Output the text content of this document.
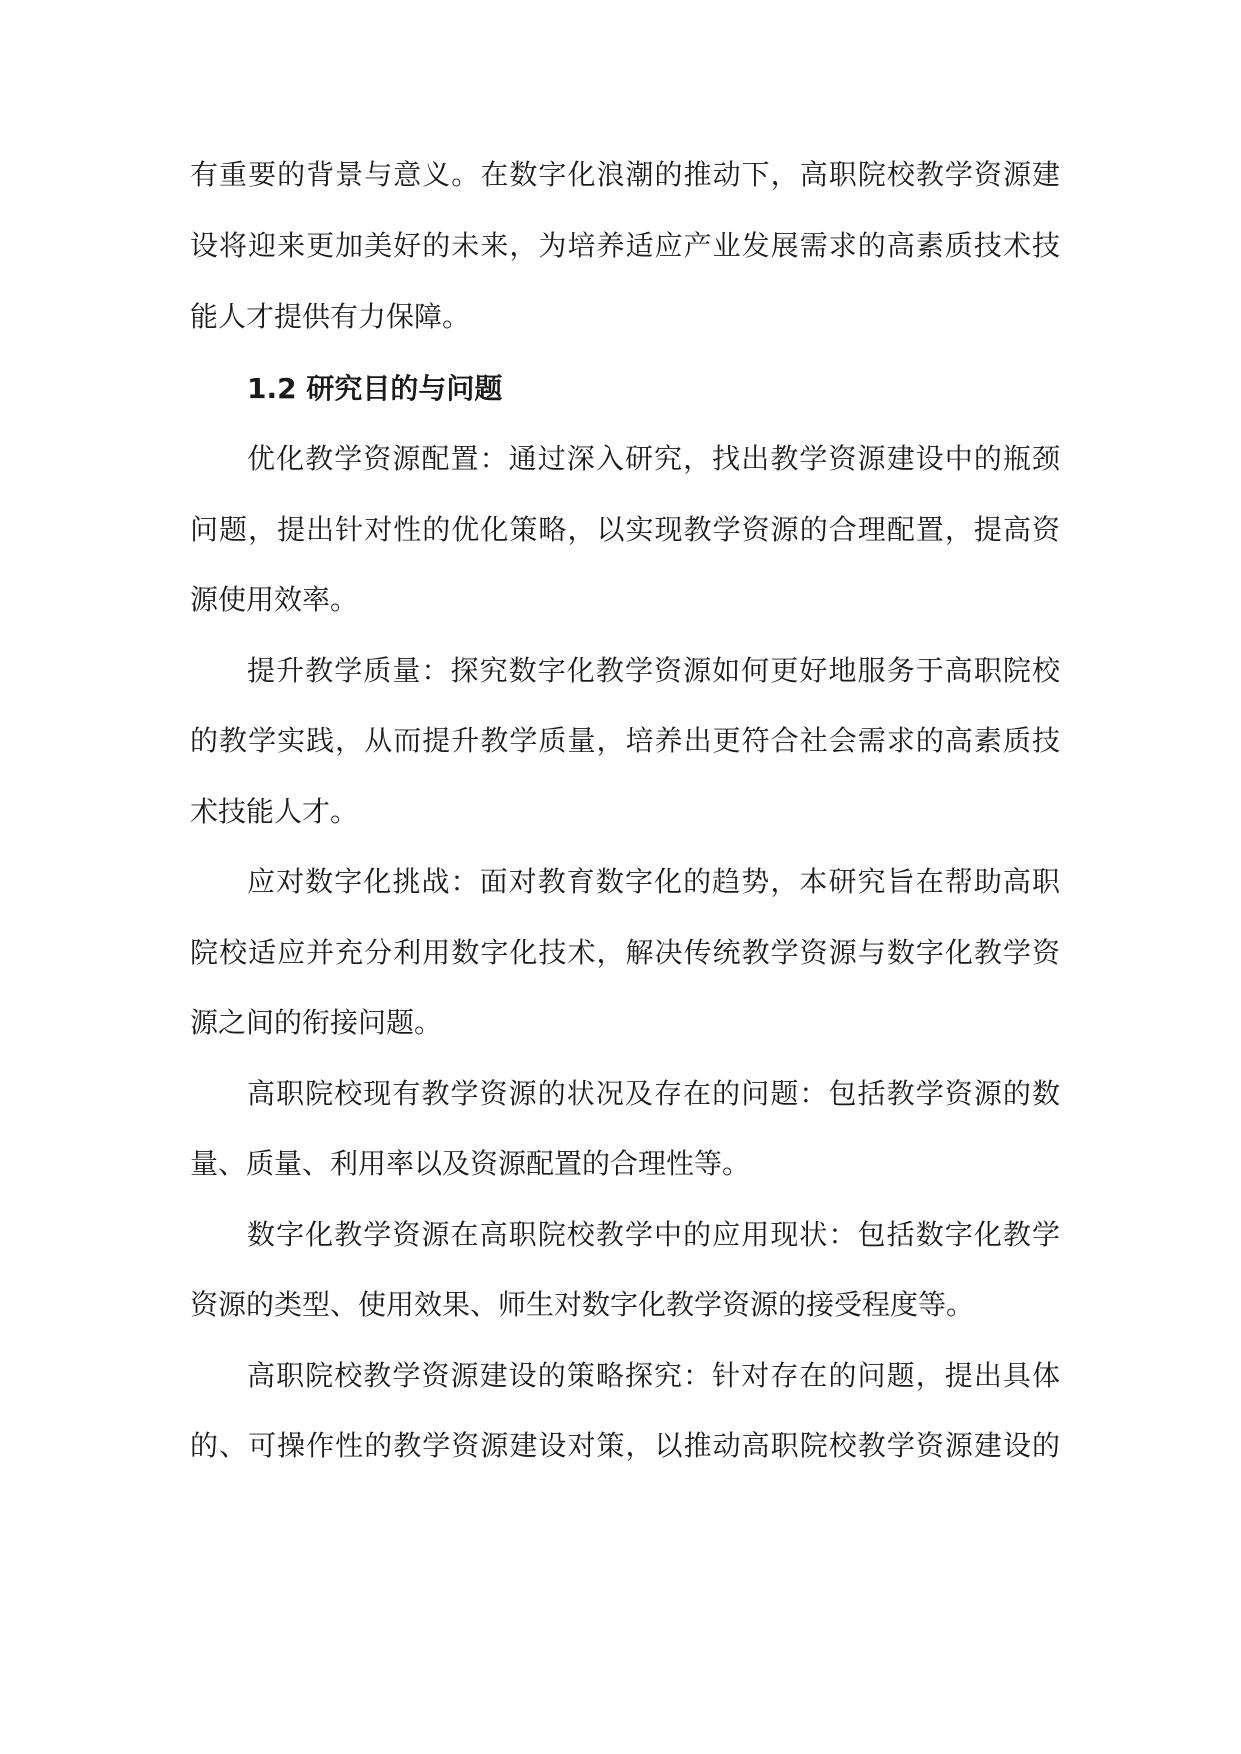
有重要的背景与意义。在数字化浪潮的推动下，高职院校教学资源建
设将迎来更加美好的未来，为培养适应产业发展需求的高素质技术技
能人才提供有力保障。
1.2 研究目的与问题
优化教学资源配置：通过深入研究，找出教学资源建设中的瓶颈
问题，提出针对性的优化策略，以实现教学资源的合理配置，提高资
源使用效率。
提升教学质量：探究数字化教学资源如何更好地服务于高职院校
的教学实践，从而提升教学质量，培养出更符合社会需求的高素质技
术技能人才。
应对数字化挑战：面对教育数字化的趋势，本研究旨在帮助高职
院校适应并充分利用数字化技术，解决传统教学资源与数字化教学资
源之间的衔接问题。
高职院校现有教学资源的状况及存在的问题：包括教学资源的数
量、质量、利用率以及资源配置的合理性等。
数字化教学资源在高职院校教学中的应用现状：包括数字化教学
资源的类型、使用效果、师生对数字化教学资源的接受程度等。
高职院校教学资源建设的策略探究：针对存在的问题，提出具体
的、可操作性的教学资源建设对策，以推动高职院校教学资源建设的
